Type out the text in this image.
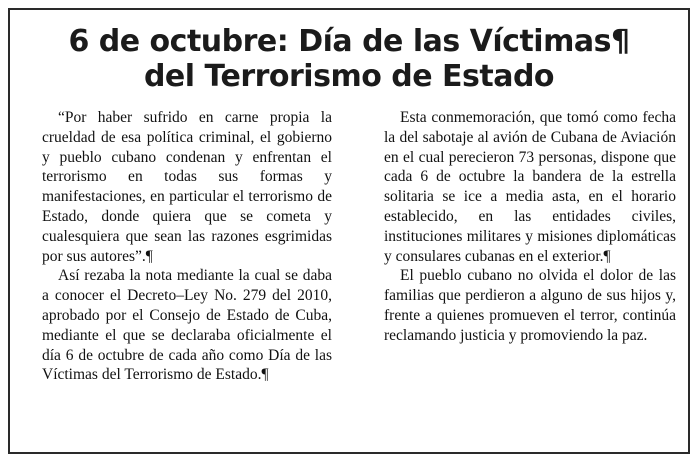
6 de octubre: Día de las Víctimas¶
del Terrorismo de Estado

“Por haber sufrido en carne propia la crueldad de esa política criminal, el gobierno y pueblo cubano condenan y enfrentan el terrorismo en todas sus formas y manifestaciones, en particular el terrorismo de Estado, donde quiera que se cometa y cualesquiera que sean las razones esgrimidas por sus autores”.¶

Así rezaba la nota mediante la cual se daba a conocer el Decreto–Ley No. 279 del 2010, aprobado por el Consejo de Estado de Cuba, mediante el que se declaraba oficialmente el día 6 de octubre de cada año como Día de las Víctimas del Terrorismo de Estado.¶

Esta conmemoración, que tomó como fecha la del sabotaje al avión de Cubana de Aviación en el cual perecieron 73 personas, dispone que cada 6 de octubre la bandera de la estrella solitaria se ice a media asta, en el horario establecido, en las entidades civiles, instituciones militares y misiones diplomáticas y consulares cubanas en el exterior.¶

El pueblo cubano no olvida el dolor de las familias que perdieron a alguno de sus hijos y, frente a quienes promueven el terror, continúa reclamando justicia y promoviendo la paz.
